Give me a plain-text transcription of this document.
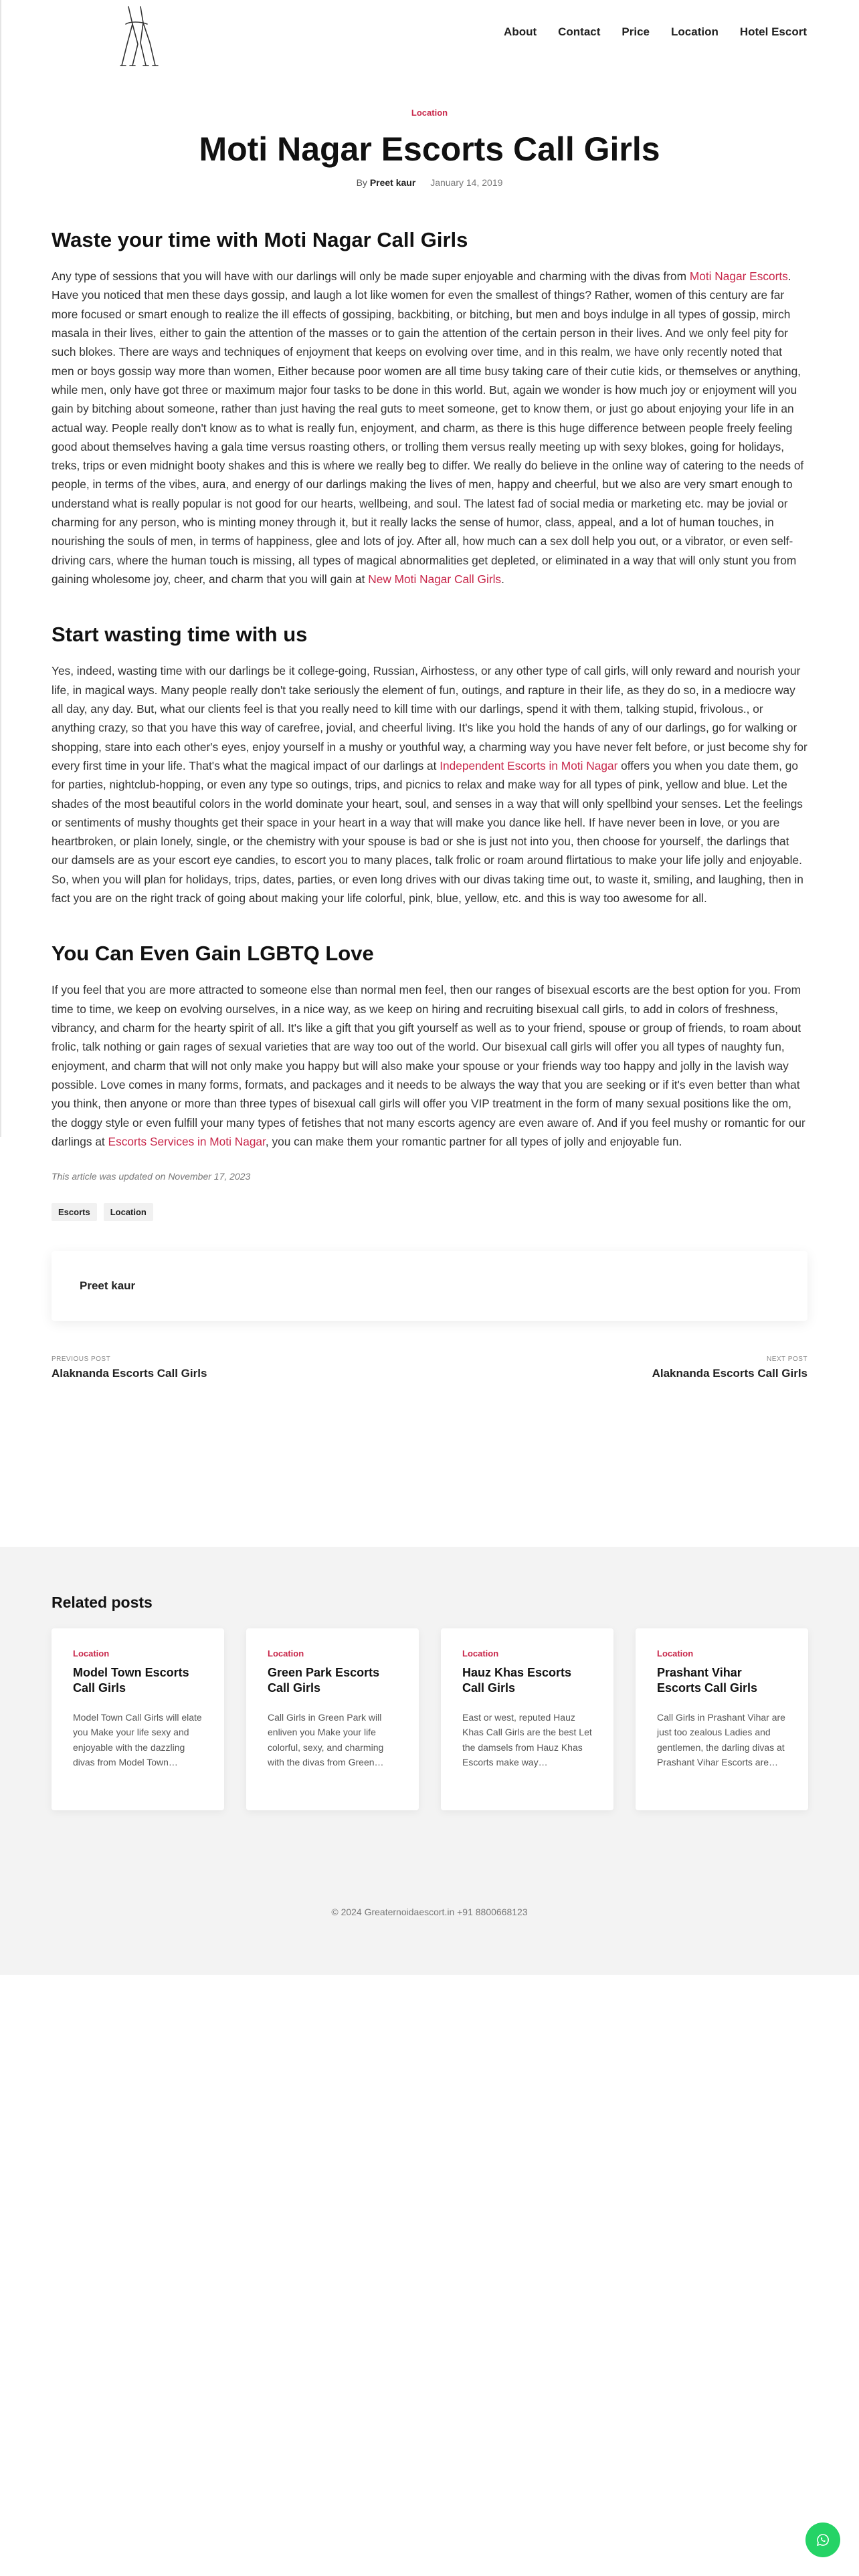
About Contact Price Location Hotel Escort
Location
Moti Nagar Escorts Call Girls
By Preet kaur January 14, 2019
Waste your time with Moti Nagar Call Girls

Any type of sessions that you will have with our darlings will only be made super enjoyable and charming with the divas from Moti Nagar Escorts. Have you noticed that men these days gossip, and laugh a lot like women for even the smallest of things? Rather, women of this century are far more focused or smart enough to realize the ill effects of gossiping, backbiting, or bitching, but men and boys indulge in all types of gossip, mirch masala in their lives, either to gain the attention of the masses or to gain the attention of the certain person in their lives. And we only feel pity for such blokes. There are ways and techniques of enjoyment that keeps on evolving over time, and in this realm, we have only recently noted that men or boys gossip way more than women, Either because poor women are all time busy taking care of their cutie kids, or themselves or anything, while men, only have got three or maximum major four tasks to be done in this world. But, again we wonder is how much joy or enjoyment will you gain by bitching about someone, rather than just having the real guts to meet someone, get to know them, or just go about enjoying your life in an actual way. People really don't know as to what is really fun, enjoyment, and charm, as there is this huge difference between people freely feeling good about themselves having a gala time versus roasting others, or trolling them versus really meeting up with sexy blokes, going for holidays, treks, trips or even midnight booty shakes and this is where we really beg to differ. We really do believe in the online way of catering to the needs of people, in terms of the vibes, aura, and energy of our darlings making the lives of men, happy and cheerful, but we also are very smart enough to understand what is really popular is not good for our hearts, wellbeing, and soul. The latest fad of social media or marketing etc. may be jovial or charming for any person, who is minting money through it, but it really lacks the sense of humor, class, appeal, and a lot of human touches, in nourishing the souls of men, in terms of happiness, glee and lots of joy. After all, how much can a sex doll help you out, or a vibrator, or even self-driving cars, where the human touch is missing, all types of magical abnormalities get depleted, or eliminated in a way that will only stunt you from gaining wholesome joy, cheer, and charm that you will gain at New Moti Nagar Call Girls.

Start wasting time with us

Yes, indeed, wasting time with our darlings be it college-going, Russian, Airhostess, or any other type of call girls, will only reward and nourish your life, in magical ways. Many people really don't take seriously the element of fun, outings, and rapture in their life, as they do so, in a mediocre way all day, any day. But, what our clients feel is that you really need to kill time with our darlings, spend it with them, talking stupid, frivolous., or anything crazy, so that you have this way of carefree, jovial, and cheerful living. It's like you hold the hands of any of our darlings, go for walking or shopping, stare into each other's eyes, enjoy yourself in a mushy or youthful way, a charming way you have never felt before, or just become shy for every first time in your life. That's what the magical impact of our darlings at Independent Escorts in Moti Nagar offers you when you date them, go for parties, nightclub-hopping, or even any type so outings, trips, and picnics to relax and make way for all types of pink, yellow and blue. Let the shades of the most beautiful colors in the world dominate your heart, soul, and senses in a way that will only spellbind your senses. Let the feelings or sentiments of mushy thoughts get their space in your heart in a way that will make you dance like hell. If have never been in love, or you are heartbroken, or plain lonely, single, or the chemistry with your spouse is bad or she is just not into you, then choose for yourself, the darlings that our damsels are as your escort eye candies, to escort you to many places, talk frolic or roam around flirtatious to make your life jolly and enjoyable. So, when you will plan for holidays, trips, dates, parties, or even long drives with our divas taking time out, to waste it, smiling, and laughing, then in fact you are on the right track of going about making your life colorful, pink, blue, yellow, etc. and this is way too awesome for all.

You Can Even Gain LGBTQ Love

If you feel that you are more attracted to someone else than normal men feel, then our ranges of bisexual escorts are the best option for you. From time to time, we keep on evolving ourselves, in a nice way, as we keep on hiring and recruiting bisexual call girls, to add in colors of freshness, vibrancy, and charm for the hearty spirit of all. It's like a gift that you gift yourself as well as to your friend, spouse or group of friends, to roam about frolic, talk nothing or gain rages of sexual varieties that are way too out of the world. Our bisexual call girls will offer you all types of naughty fun, enjoyment, and charm that will not only make you happy but will also make your spouse or your friends way too happy and jolly in the lavish way possible. Love comes in many forms, formats, and packages and it needs to be always the way that you are seeking or if it's even better than what you think, then anyone or more than three types of bisexual call girls will offer you VIP treatment in the form of many sexual positions like the om, the doggy style or even fulfill your many types of fetishes that not many escorts agency are even aware of. And if you feel mushy or romantic for our darlings at Escorts Services in Moti Nagar, you can make them your romantic partner for all types of jolly and enjoyable fun.

This article was updated on November 17, 2023
Escorts	Location
Preet kaur
PREVIOUS POST
Alaknanda Escorts Call Girls
NEXT POST
Alaknanda Escorts Call Girls
Related posts
Location
Model Town Escorts Call Girls
Model Town Call Girls will elate you Make your life sexy and enjoyable with the dazzling divas from Model Town…
Location
Green Park Escorts Call Girls
Call Girls in Green Park will enliven you Make your life colorful, sexy, and charming with the divas from Green…
Location
Hauz Khas Escorts Call Girls
East or west, reputed Hauz Khas Call Girls are the best Let the damsels from Hauz Khas Escorts make way…
Location
Prashant Vihar Escorts Call Girls
Call Girls in Prashant Vihar are just too zealous Ladies and gentlemen, the darling divas at Prashant Vihar Escorts are…
© 2024 Greaternoidaescort.in +91 8800668123
